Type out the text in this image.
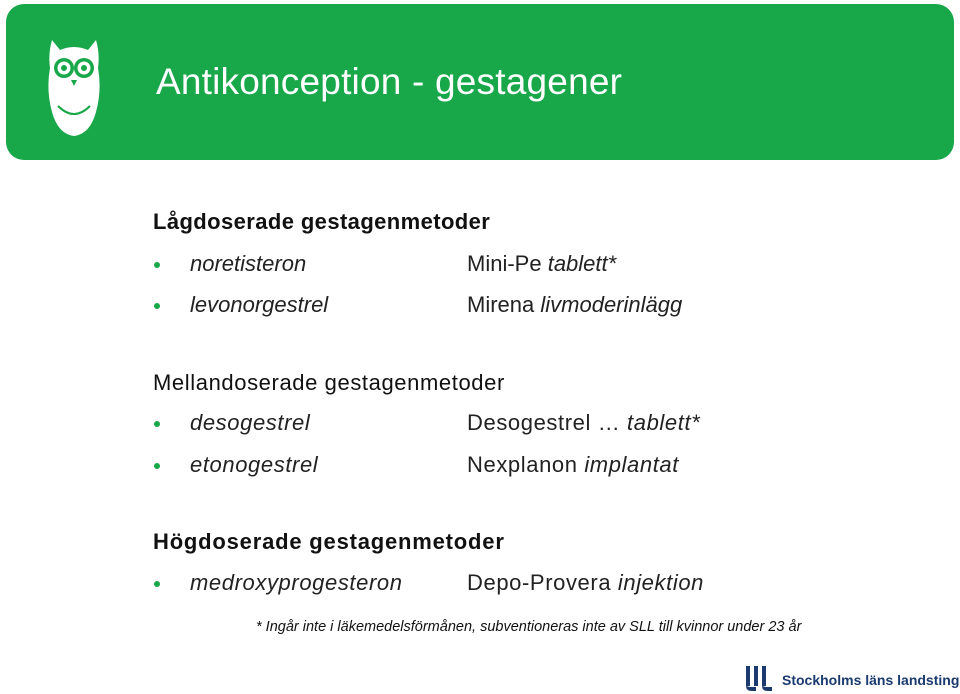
Antikonception - gestagener
Lågdoserade gestagenmetoder
noretisteron	Mini-Pe tablett*
levonorgestrel	Mirena livmoderinlägg
Mellandoserade gestagenmetoder
desogestrel	Desogestrel … tablett*
etonogestrel	Nexplanon implantat
Högdoserade gestagenmetoder
medroxyprogesteron	Depo-Provera injektion
* Ingår inte i läkemedelsförmånen, subventioneras inte av SLL till kvinnor under 23 år
Stockholms läns landsting
